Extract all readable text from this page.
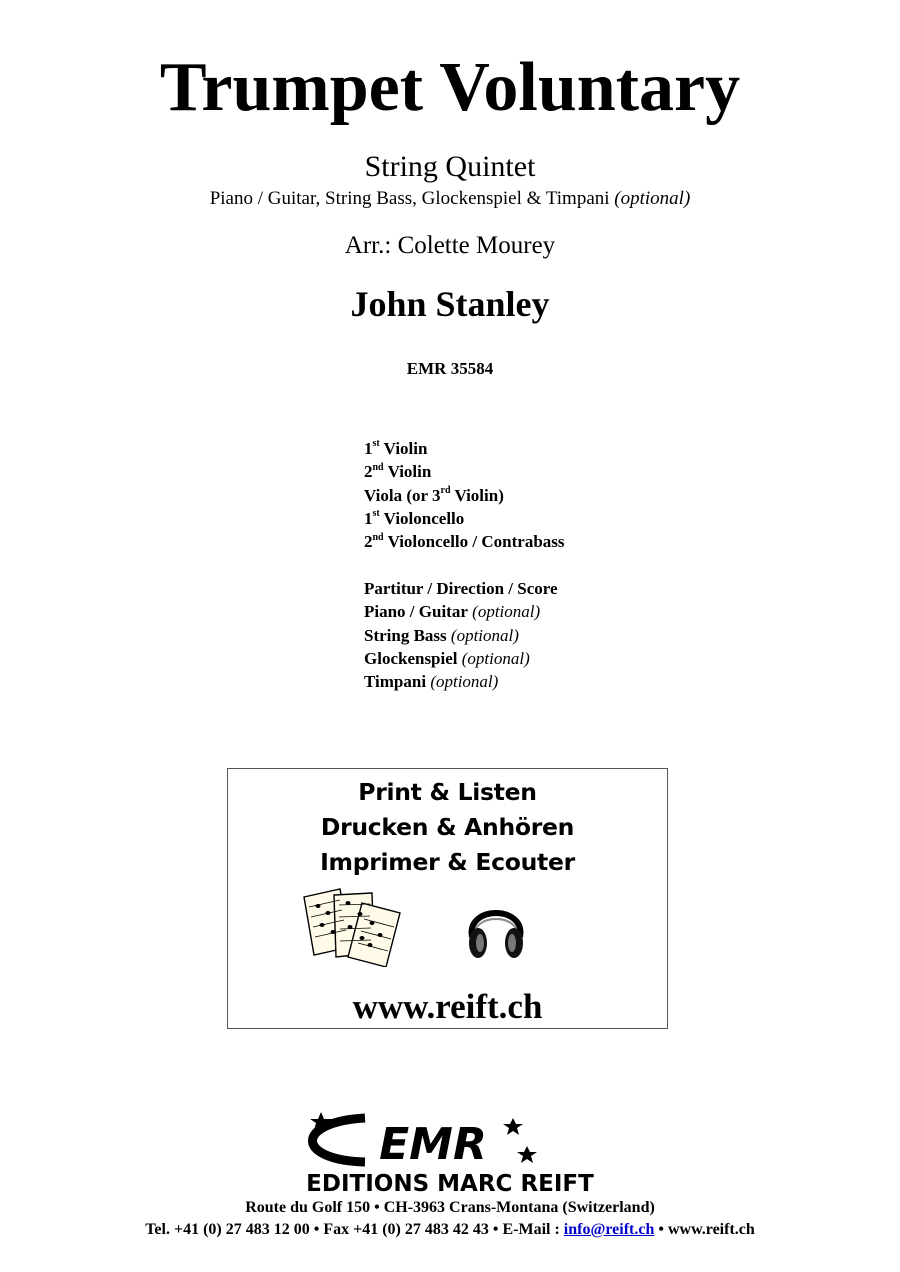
Trumpet Voluntary
String Quintet
Piano / Guitar, String Bass, Glockenspiel & Timpani (optional)
Arr.: Colette Mourey
John Stanley
EMR 35584
1st Violin
2nd Violin
Viola (or 3rd Violin)
1st Violoncello
2nd Violoncello / Contrabass
Partitur / Direction / Score
Piano / Guitar (optional)
String Bass (optional)
Glockenspiel (optional)
Timpani (optional)
Print & Listen
Drucken & Anhören
Imprimer & Ecouter
www.reift.ch
EMR
EDITIONS MARC REIFT
Route du Golf 150 • CH-3963 Crans-Montana (Switzerland)
Tel. +41 (0) 27 483 12 00 • Fax +41 (0) 27 483 42 43 • E-Mail : info@reift.ch • www.reift.ch
